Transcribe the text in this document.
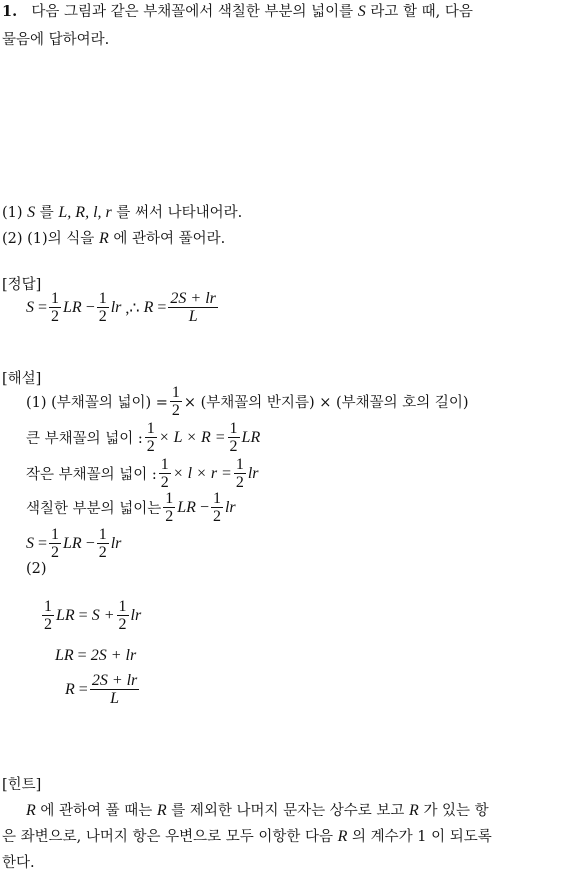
1. 다음 그림과 같은 부채꼴에서 색칠한 부분의 넓이를 S 라고 할 때, 다음
물음에 답하여라.
(1) S 를 L, R, l, r 를 써서 나타내어라.
(2) (1)의 식을 R 에 관하여 풀어라.
[정답]
S
= $\frac{1}{2}$ LR
− $\frac{1}{2}$ lr
,∴
R
= $\frac{2S + lr}{L}$
[해설]
(1) (부채꼴의 넓이) = $\frac{1}{2}$ × (부채꼴의 반지름) × (부채꼴의 호의 길이)
큰 부채꼴의 넓이 : $\frac{1}{2} \times L \times R = \frac{1}{2}$ LR
작은 부채꼴의 넓이 : $\frac{1}{2} \times l \times r = \frac{1}{2}$ lr
색칠한 부분의 넓이는 $\frac{1}{2}$ LR
− $\frac{1}{2}$ lr
S
= $\frac{1}{2}$ LR
− $\frac{1}{2}$ lr
(2)
$\frac{1}{2}$ LR
=
$S + \frac{1}{2}$ lr
LR
=
2S + lr
R
= $\frac{2S + lr}{L}$
[힌트]
R 에 관하여 풀 때는 R 를 제외한 나머지 문자는 상수로 보고 R 가 있는 항
은 좌변으로, 나머지 항은 우변으로 모두 이항한 다음 R 의 계수가 1 이 되도록
한다.
